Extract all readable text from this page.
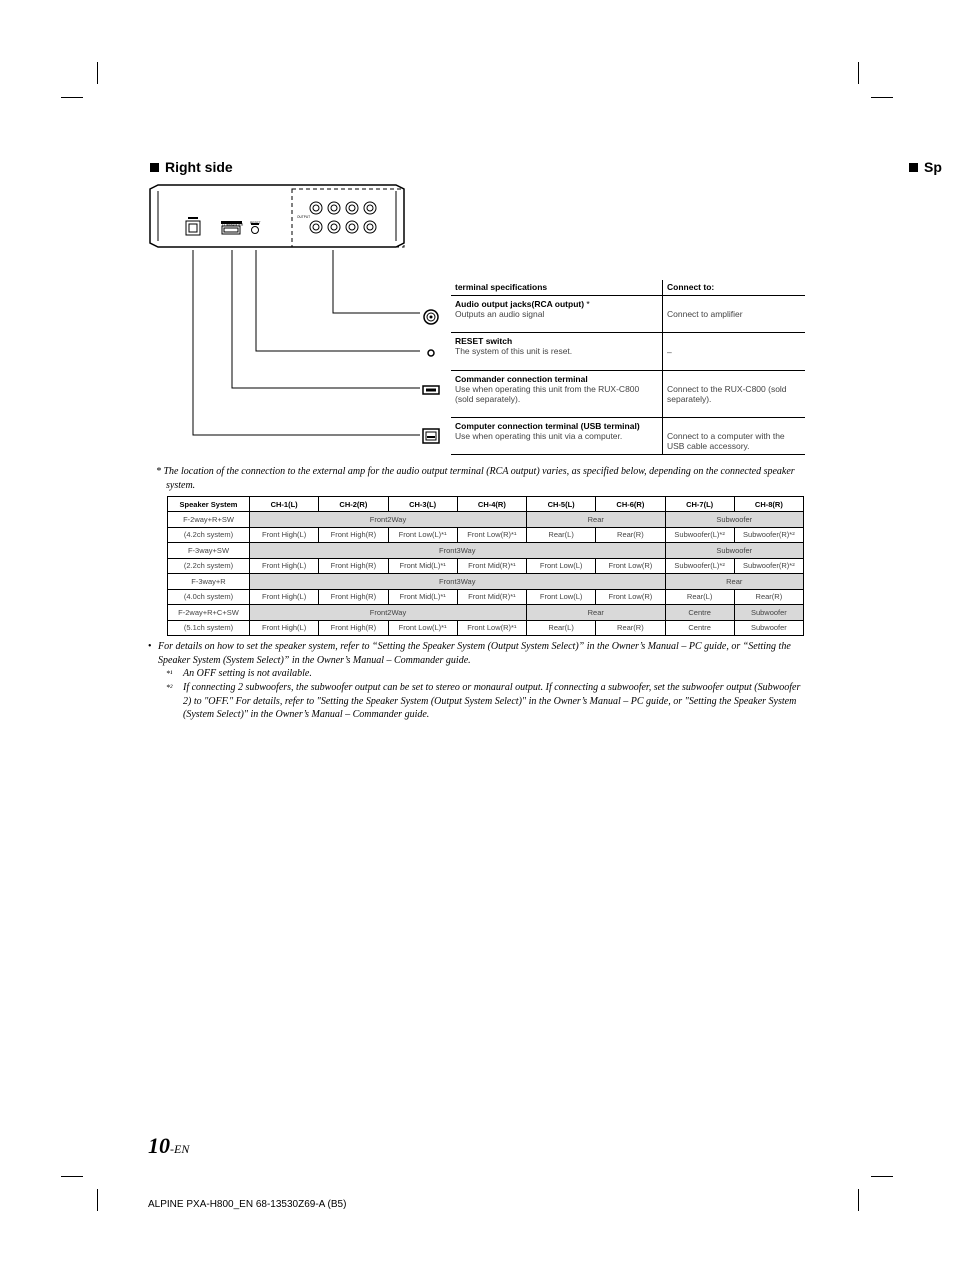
Right side	Sp
COMMANDER RESET
OUTPUT
terminal specifications	Connect to:
Audio output jacks(RCA output) *
Outputs an audio signal	Connect to amplifier
RESET switch
The system of this unit is reset.	–
Commander connection terminal
Use when operating this unit from the RUX-C800 (sold separately).	Connect to the RUX-C800 (sold separately).
Computer connection terminal (USB terminal)
Use when operating this unit via a computer.	Connect to a computer with the USB cable accessory.
* The location of the connection to the external amp for the audio output terminal (RCA output) varies, as specified below, depending on the connected speaker system.
Speaker System	CH-1(L)	CH-2(R)	CH-3(L)	CH-4(R)	CH-5(L)	CH-6(R)	CH-7(L)	CH-8(R)
F-2way+R+SW	Front2Way				Rear		Subwoofer	
(4.2ch system)	Front High(L)	Front High(R)	Front Low(L)*¹	Front Low(R)*¹	Rear(L)	Rear(R)	Subwoofer(L)*²	Subwoofer(R)*²
F-3way+SW	Front3Way						Subwoofer	
(2.2ch system)	Front High(L)	Front High(R)	Front Mid(L)*¹	Front Mid(R)*¹	Front Low(L)	Front Low(R)	Subwoofer(L)*²	Subwoofer(R)*²
F-3way+R	Front3Way						Rear	
(4.0ch system)	Front High(L)	Front High(R)	Front Mid(L)*¹	Front Mid(R)*¹	Front Low(L)	Front Low(R)	Rear(L)	Rear(R)
F-2way+R+C+SW	Front2Way				Rear		Centre	Subwoofer
(5.1ch system)	Front High(L)	Front High(R)	Front Low(L)*¹	Front Low(R)*¹	Rear(L)	Rear(R)	Centre	Subwoofer
• For details on how to set the speaker system, refer to “Setting the Speaker System (Output System Select)” in the Owner’s Manual – PC guide, or “Setting the Speaker System (System Select)” in the Owner’s Manual – Commander guide.
*¹ An OFF setting is not available.
*² If connecting 2 subwoofers, the subwoofer output can be set to stereo or monaural output. If connecting a subwoofer, set the subwoofer output (Subwoofer 2) to "OFF." For details, refer to "Setting the Speaker System (Output System Select)" in the Owner’s Manual – PC guide, or "Setting the Speaker System (System Select)" in the Owner’s Manual – Commander guide.
10-EN
ALPINE PXA-H800_EN 68-13530Z69-A (B5)
